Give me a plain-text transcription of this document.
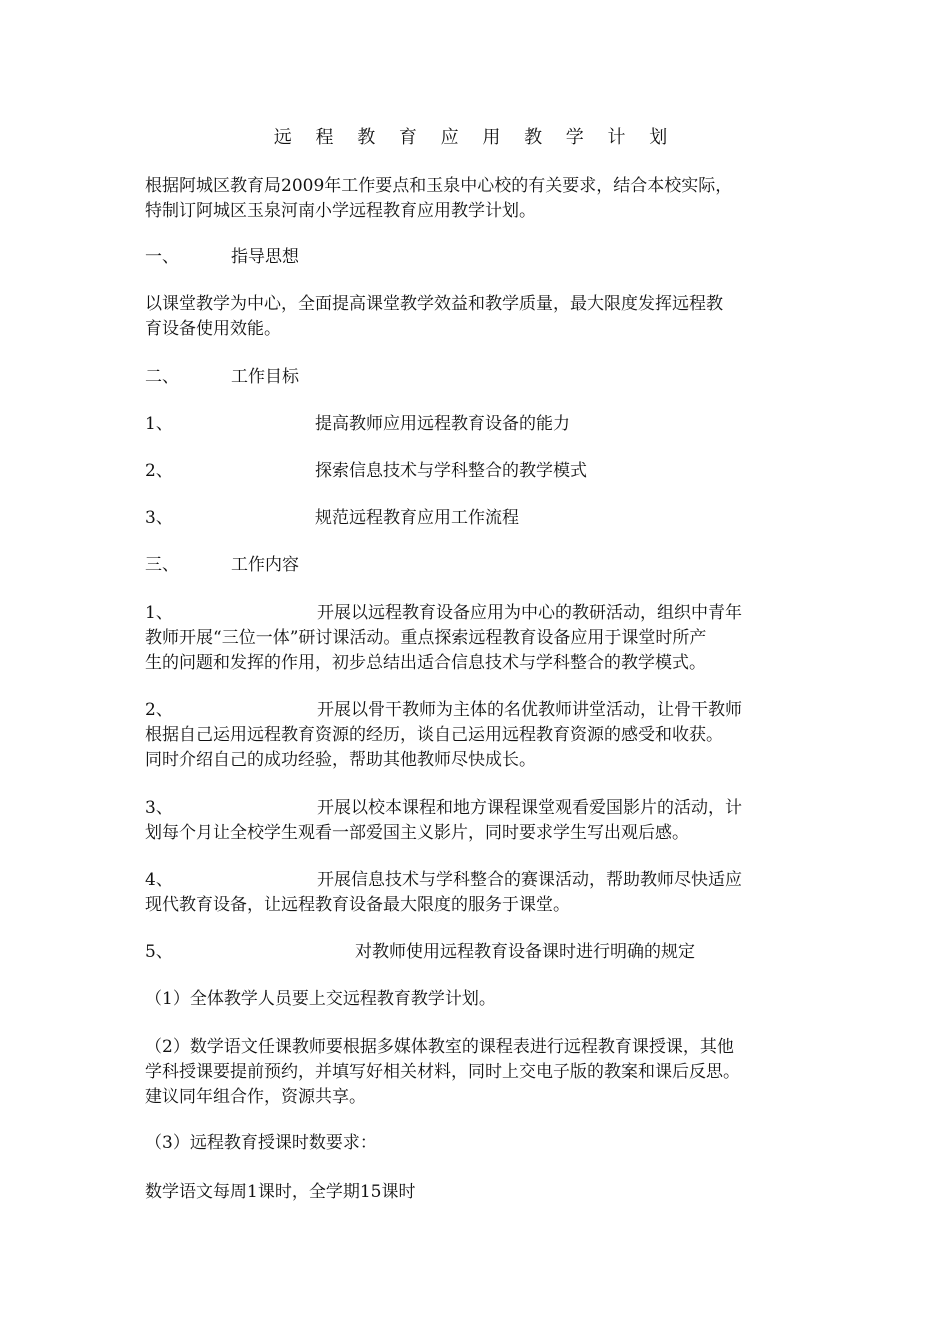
远 程 教 育 应 用 教 学 计 划
根据阿城区教育局2009年工作要点和玉泉中心校的有关要求，结合本校实际，
特制订阿城区玉泉河南小学远程教育应用教学计划。
一、	指导思想
以课堂教学为中心，全面提高课堂教学效益和教学质量，最大限度发挥远程教
育设备使用效能。
二、	工作目标
1、	提高教师应用远程教育设备的能力
2、	探索信息技术与学科整合的教学模式
3、	规范远程教育应用工作流程
三、	工作内容
1、	开展以远程教育设备应用为中心的教研活动，组织中青年
教师开展“三位一体”研讨课活动。重点探索远程教育设备应用于课堂时所产
生的问题和发挥的作用，初步总结出适合信息技术与学科整合的教学模式。
2、	开展以骨干教师为主体的名优教师讲堂活动，让骨干教师
根据自己运用远程教育资源的经历，谈自己运用远程教育资源的感受和收获。
同时介绍自己的成功经验，帮助其他教师尽快成长。
3、	开展以校本课程和地方课程课堂观看爱国影片的活动，计
划每个月让全校学生观看一部爱国主义影片，同时要求学生写出观后感。
4、	开展信息技术与学科整合的赛课活动，帮助教师尽快适应
现代教育设备，让远程教育设备最大限度的服务于课堂。
5、	对教师使用远程教育设备课时进行明确的规定
（1）全体教学人员要上交远程教育教学计划。
（2）数学语文任课教师要根据多媒体教室的课程表进行远程教育课授课，其他
学科授课要提前预约，并填写好相关材料，同时上交电子版的教案和课后反思。
建议同年组合作，资源共享。
（3）远程教育授课时数要求：
数学语文每周1课时，全学期15课时
